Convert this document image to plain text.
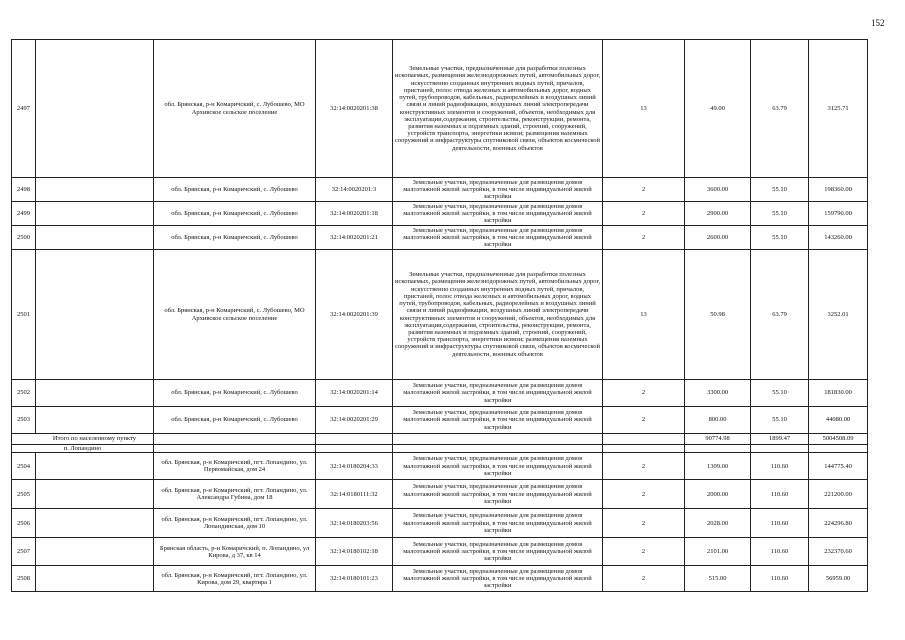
152
2497		обл. Брянская, р-н Комаричский, с. Лубошево, МО Архивское сельское поселение	32:14:0020201:38	Земельные участки, предназначенные для разработки полезных ископаемых, размещения железнодорожных путей, автомобильных дорог, искусственно созданных внутренних водных путей, причалов, пристаней, полос отвода железных и автомобильных дорог, водных путей, трубопроводов, кабельных, радиорелейных и воздушных линий связи и линий радиофикации, воздушных линий электропередачи конструктивных элементов и сооружений, объектов, необходимых для эксплуатации,содержания, строительства, реконструкции, ремонта, развития наземных и подземных зданий, строений, сооружений, устройств транспорта, энергетики исвязи; размещения наземных сооружений и инфраструктуры спутниковой связи, объектов космической деятельности, военных объектов	13	49.00	63.79	3125.71
2498		обл. Брянская, р-н Комаричский, с. Лубошево	32:14:0020201:3	Земельные участки, предназначенные для размещения домов малоэтажной жилой застройки, в том числе индивидуальной жилой застройки	2	3600.00	55.10	198360.00
2499		обл. Брянская, р-н Комаричский, с. Лубошево	32:14:0020201:18	Земельные участки, предназначенные для размещения домов малоэтажной жилой застройки, в том числе индивидуальной жилой застройки	2	2900.00	55.10	159790.00
2500		обл. Брянская, р-н Комаричский, с. Лубошево	32:14:0020201:21	Земельные участки, предназначенные для размещения домов малоэтажной жилой застройки, в том числе индивидуальной жилой застройки	2	2600.00	55.10	143260.00
2501		обл. Брянская, р-н Комаричский, с. Лубошево, МО Архивское сельское поселение	32:14:0020201:39	Земельные участки, предназначенные для разработки полезных ископаемых, размещения железнодорожных путей, автомобильных дорог, искусственно созданных внутренних водных путей, причалов, пристаней, полос отвода железных и автомобильных дорог, водных путей, трубопроводов, кабельных, радиорелейных и воздушных линий связи и линий радиофикации, воздушных линий электропередачи конструктивных элементов и сооружений, объектов, необходимых для эксплуатации,содержания, строительства, реконструкции, ремонта, развития наземных и подземных зданий, строений, сооружений, устройств транспорта, энергетики исвязи; размещения наземных сооружений и инфраструктуры спутниковой связи, объектов космической деятельности, военных объектов	13	50.98	63.79	3252.01
2502		обл. Брянская, р-н Комаричский, с. Лубошево	32:14:0020201:14	Земельные участки, предназначенные для размещения домов малоэтажной жилой застройки, в том числе индивидуальной жилой застройки	2	3300.00	55.10	181830.00
2503		обл. Брянская, р-н Комаричский, с. Лубошево	32:14:0020201:29	Земельные участки, предназначенные для размещения домов малоэтажной жилой застройки, в том числе индивидуальной жилой застройки	2	800.00	55.10	44080.00
Итого по населенному пункту						90774.98	1899.47	5004508.09
п. Лопандино								
2504		обл. Брянская, р-н Комаричский, пгт. Лопандино, ул. Первомайская, дом 24	32:14:0180204:33	Земельные участки, предназначенные для размещения домов малоэтажной жилой застройки, в том числе индивидуальной жилой застройки	2	1309.00	110.60	144775.40
2505		обл. Брянская, р-н Комаричский, пгт. Лопандино, ул. Александра Губина, дом 18	32:14:0180111:32	Земельные участки, предназначенные для размещения домов малоэтажной жилой застройки, в том числе индивидуальной жилой застройки	2	2000.00	110.60	221200.00
2506		обл. Брянская, р-н Комаричский, пгт. Лопандино, ул. Лопандинская, дом 10	32:14:0180203:56	Земельные участки, предназначенные для размещения домов малоэтажной жилой застройки, в том числе индивидуальной жилой застройки	2	2028.00	110.60	224296.80
2507		Брянская область, р-н Комаричский, п. Лопандино, ул Кирова, д 37, кв 14	32:14:0180102:18	Земельные участки, предназначенные для размещения домов малоэтажной жилой застройки, в том числе индивидуальной жилой застройки	2	2101.00	110.60	232370.60
2508		обл. Брянская, р-н Комаричский, пгт. Лопандино, ул. Кирова, дом 29, квартира 1	32:14:0180101:23	Земельные участки, предназначенные для размещения домов малоэтажной жилой застройки, в том числе индивидуальной жилой застройки	2	515.00	110.60	56959.00
